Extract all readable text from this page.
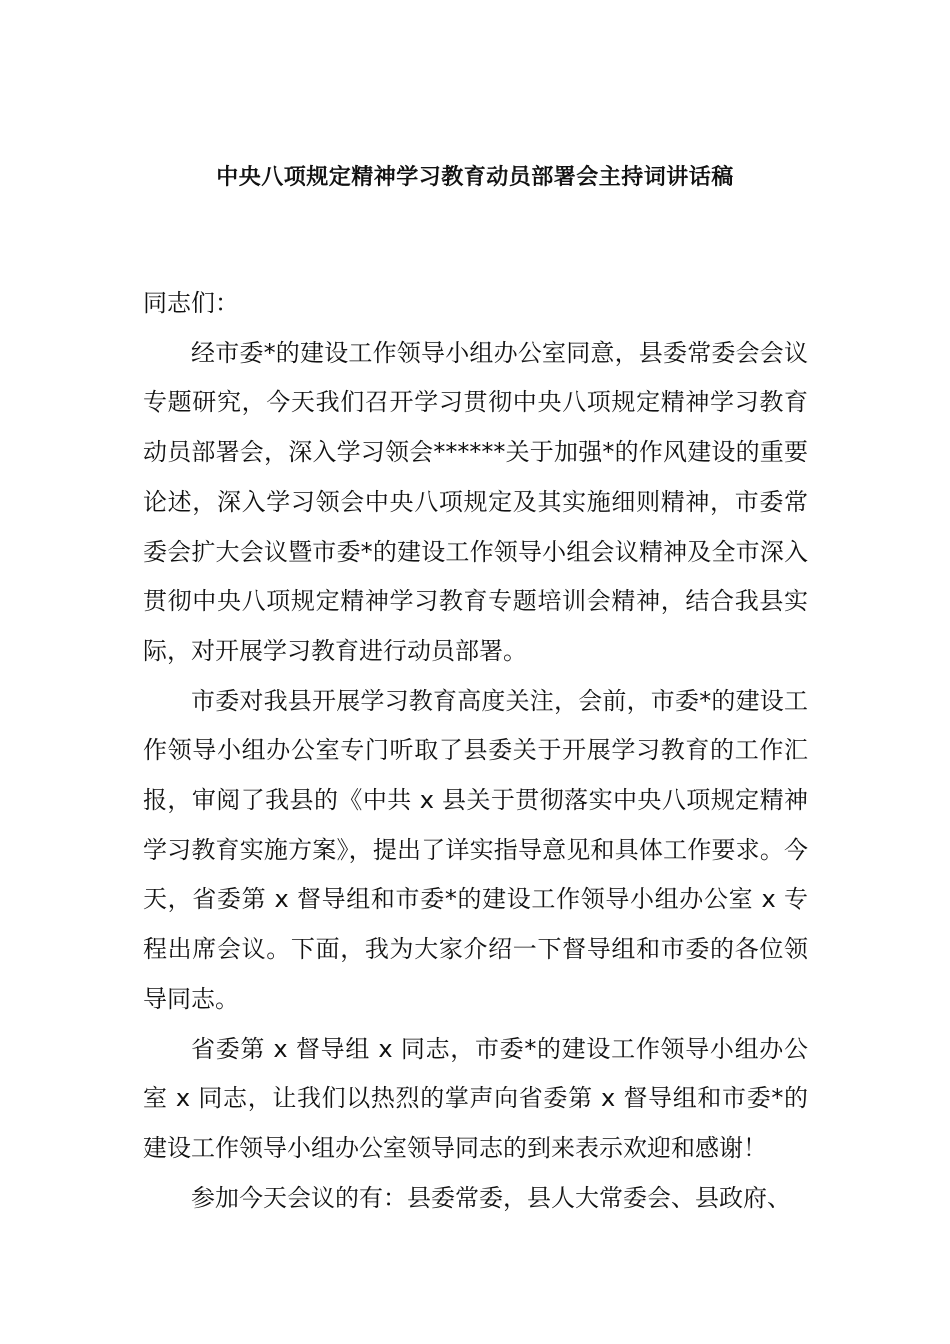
中央八项规定精神学习教育动员部署会主持词讲话稿

同志们：

经市委*的建设工作领导小组办公室同意，县委常委会会议专题研究，今天我们召开学习贯彻中央八项规定精神学习教育动员部署会，深入学习领会******关于加强*的作风建设的重要论述，深入学习领会中央八项规定及其实施细则精神，市委常委会扩大会议暨市委*的建设工作领导小组会议精神及全市深入贯彻中央八项规定精神学习教育专题培训会精神，结合我县实际，对开展学习教育进行动员部署。

市委对我县开展学习教育高度关注，会前，市委*的建设工作领导小组办公室专门听取了县委关于开展学习教育的工作汇报，审阅了我县的《中共 x 县关于贯彻落实中央八项规定精神学习教育实施方案》，提出了详实指导意见和具体工作要求。今天，省委第 x 督导组和市委*的建设工作领导小组办公室 x 专程出席会议。下面，我为大家介绍一下督导组和市委的各位领导同志。

省委第 x 督导组 x 同志，市委*的建设工作领导小组办公室 x 同志，让我们以热烈的掌声向省委第 x 督导组和市委*的建设工作领导小组办公室领导同志的到来表示欢迎和感谢！

参加今天会议的有：县委常委，县人大常委会、县政府、
